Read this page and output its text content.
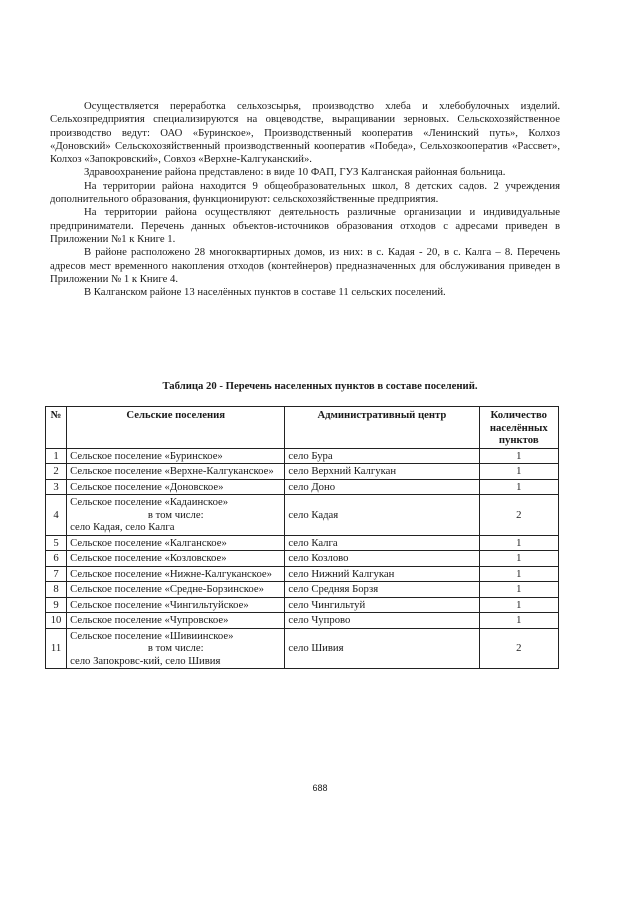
Осуществляется переработка сельхозсырья, производство хлеба и хлебобулочных изделий. Сельхозпредприятия специализируются на овцеводстве, выращивании зерновых. Сельскохозяйственное производство ведут: ОАО «Буринское», Производственный кооператив «Ленинский путь», Колхоз «Доновский» Сельскохозяйственный производственный кооператив «Победа», Сельхозкооператив «Рассвет», Колхоз «Запокровский», Совхоз «Верхне-Калгуканский».

Здравоохранение района представлено: в виде 10 ФАП, ГУЗ Калганская районная больница.

На территории района находится 9 общеобразовательных школ, 8 детских садов. 2 учреждения дополнительного образования, функционируют: сельскохозяйственные предприятия.

На территории района осуществляют деятельность различные организации и индивидуальные предприниматели. Перечень данных объектов-источников образования отходов с адресами приведен в Приложении №1 к Книге 1.

В районе расположено 28 многоквартирных домов, из них: в с. Кадая - 20, в с. Калга – 8. Перечень адресов мест временного накопления отходов (контейнеров) предназначенных для обслуживания приведен в Приложении № 1 к Книге 4.

В Калганском районе 13 населённых пунктов в составе 11 сельских поселений.

Таблица 20 - Перечень населенных пунктов в составе поселений.
№	Сельские поселения	Административный центр	Количество населённых пунктов
1	Сельское поселение «Буринское»	село Бура	1
2	Сельское поселение «Верхне-Калгуканское»	село Верхний Калгукан	1
3	Сельское поселение «Доновское»	село Доно	1
4	Сельское поселение «Кадаинское»
в том числе:
село Кадая, село Калга	село Кадая	2
5	Сельское поселение «Калганское»	село Калга	1
6	Сельское поселение «Козловское»	село Козлово	1
7	Сельское поселение «Нижне-Калгуканское»	село Нижний Калгукан	1
8	Сельское поселение «Средне-Борзинское»	село Средняя Борзя	1
9	Сельское поселение «Чингильтуйское»	село Чингильтуй	1
10	Сельское поселение «Чупровское»	село Чупрово	1
11	Сельское поселение «Шивиинское»
в том числе:
село Запокровс-кий, село Шивия	село Шивия	2
688
